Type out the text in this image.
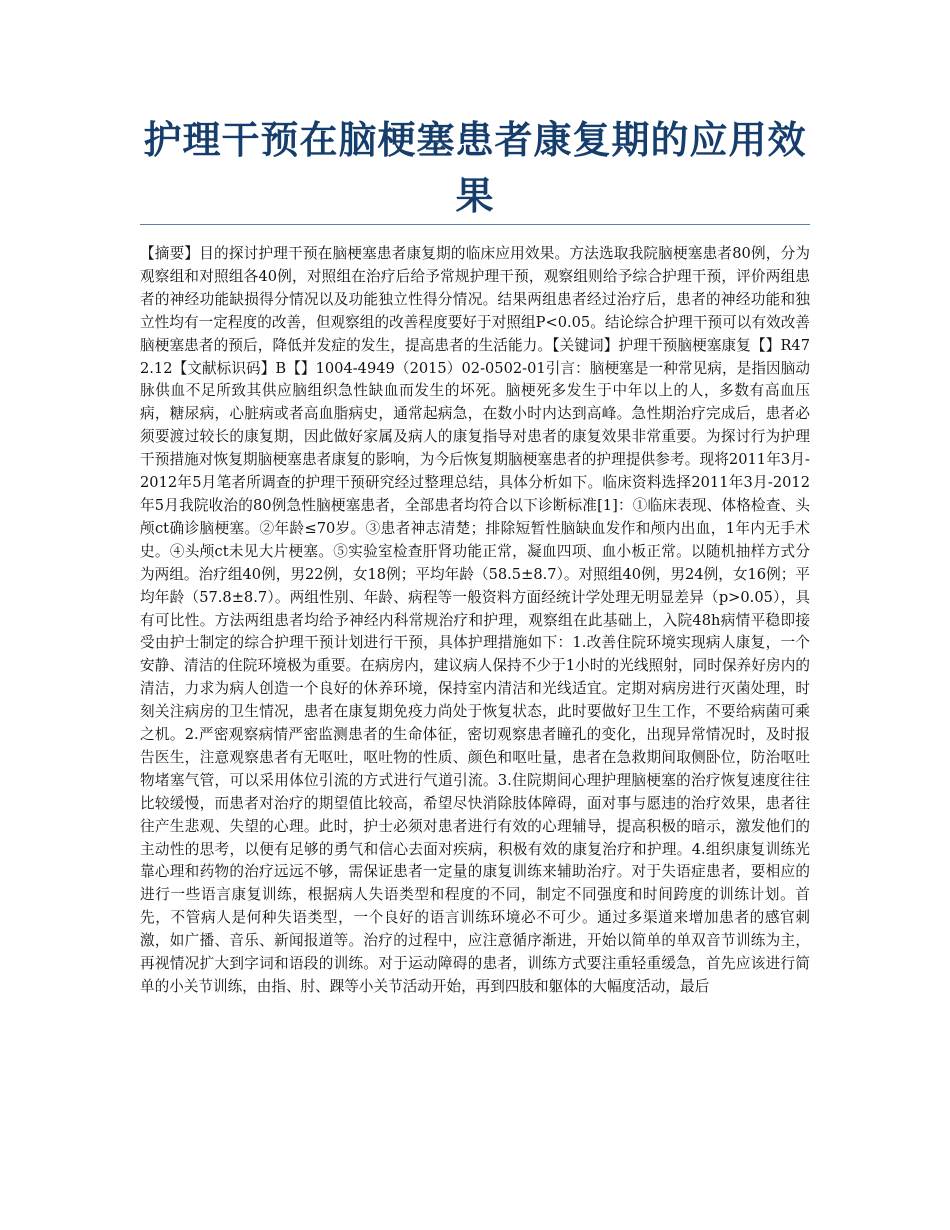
护理干预在脑梗塞患者康复期的应用效果

【摘要】目的探讨护理干预在脑梗塞患者康复期的临床应用效果。方法选取我院脑梗塞患者80例，分为观察组和对照组各40例，对照组在治疗后给予常规护理干预，观察组则给予综合护理干预，评价两组患者的神经功能缺损得分情况以及功能独立性得分情况。结果两组患者经过治疗后，患者的神经功能和独立性均有一定程度的改善，但观察组的改善程度要好于对照组P<0.05。结论综合护理干预可以有效改善脑梗塞患者的预后，降低并发症的发生，提高患者的生活能力。【关键词】护理干预脑梗塞康复【】R472.12【文献标识码】B【】1004-4949（2015）02-0502-01引言：脑梗塞是一种常见病，是指因脑动脉供血不足所致其供应脑组织急性缺血而发生的坏死。脑梗死多发生于中年以上的人，多数有高血压病，糖尿病，心脏病或者高血脂病史，通常起病急，在数小时内达到高峰。急性期治疗完成后，患者必须要渡过较长的康复期，因此做好家属及病人的康复指导对患者的康复效果非常重要。为探讨行为护理干预措施对恢复期脑梗塞患者康复的影响，为今后恢复期脑梗塞患者的护理提供参考。现将2011年3月-2012年5月笔者所调查的护理干预研究经过整理总结，具体分析如下。临床资料选择2011年3月-2012年5月我院收治的80例急性脑梗塞患者，全部患者均符合以下诊断标准[1]：①临床表现、体格检查、头颅ct确诊脑梗塞。②年龄≤70岁。③患者神志清楚；排除短暂性脑缺血发作和颅内出血，1年内无手术史。④头颅ct未见大片梗塞。⑤实验室检查肝肾功能正常，凝血四项、血小板正常。以随机抽样方式分为两组。治疗组40例，男22例，女18例；平均年龄（58.5±8.7）。对照组40例，男24例，女16例；平均年龄（57.8±8.7）。两组性别、年龄、病程等一般资料方面经统计学处理无明显差异（p>0.05），具有可比性。方法两组患者均给予神经内科常规治疗和护理，观察组在此基础上，入院48h病情平稳即接受由护士制定的综合护理干预计划进行干预，具体护理措施如下：1.改善住院环境实现病人康复，一个安静、清洁的住院环境极为重要。在病房内，建议病人保持不少于1小时的光线照射，同时保养好房内的清洁，力求为病人创造一个良好的休养环境，保持室内清洁和光线适宜。定期对病房进行灭菌处理，时刻关注病房的卫生情况，患者在康复期免疫力尚处于恢复状态，此时要做好卫生工作，不要给病菌可乘之机。2.严密观察病情严密监测患者的生命体征，密切观察患者瞳孔的变化，出现异常情况时，及时报告医生，注意观察患者有无呕吐，呕吐物的性质、颜色和呕吐量，患者在急救期间取侧卧位，防治呕吐物堵塞气管，可以采用体位引流的方式进行气道引流。3.住院期间心理护理脑梗塞的治疗恢复速度往往比较缓慢，而患者对治疗的期望值比较高，希望尽快消除肢体障碍，面对事与愿违的治疗效果，患者往往产生悲观、失望的心理。此时，护士必须对患者进行有效的心理辅导，提高积极的暗示，激发他们的主动性的思考，以便有足够的勇气和信心去面对疾病，积极有效的康复治疗和护理。4.组织康复训练光靠心理和药物的治疗远远不够，需保证患者一定量的康复训练来辅助治疗。对于失语症患者，要相应的进行一些语言康复训练，根据病人失语类型和程度的不同，制定不同强度和时间跨度的训练计划。首先，不管病人是何种失语类型，一个良好的语言训练环境必不可少。通过多渠道来增加患者的感官刺激，如广播、音乐、新闻报道等。治疗的过程中，应注意循序渐进，开始以简单的单双音节训练为主，再视情况扩大到字词和语段的训练。对于运动障碍的患者，训练方式要注重轻重缓急，首先应该进行简单的小关节训练，由指、肘、踝等小关节活动开始，再到四肢和躯体的大幅度活动，最后
